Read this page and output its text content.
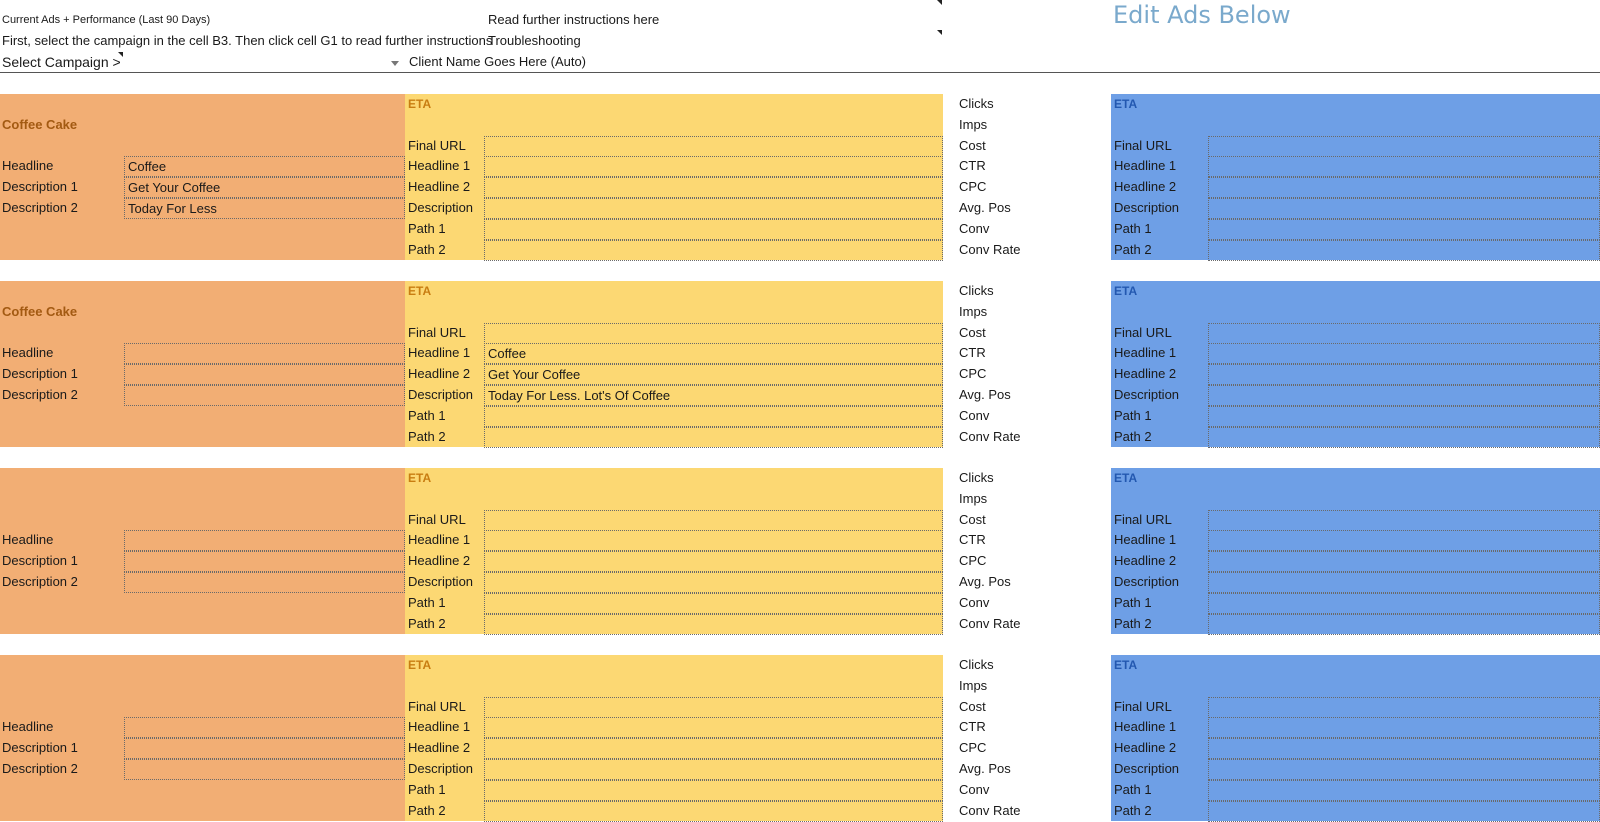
Current Ads + Performance (Last 90 Days)	Read further instructions here
First, select the campaign in the cell B3. Then click cell G1 to read further instructions
Troubleshooting
Select Campaign >	Client Name Goes Here (Auto)
Edit Ads Below
Coffee Cake
Headline	Coffee
Description 1	Get Your Coffee
Description 2	Today For Less
ETA
Final URL
Headline 1
Headline 2
Description
Path 1
Path 2
Clicks
Imps
Cost
CTR
CPC
Avg. Pos
Conv
Conv Rate
ETA
Final URL
Headline 1
Headline 2
Description
Path 1
Path 2
Coffee Cake
Headline
Description 1
Description 2
ETA
Final URL
Headline 1	Coffee
Headline 2	Get Your Coffee
Description	Today For Less. Lot's Of Coffee
Path 1
Path 2
Clicks
Imps
Cost
CTR
CPC
Avg. Pos
Conv
Conv Rate
ETA
Final URL
Headline 1
Headline 2
Description
Path 1
Path 2
Headline
Description 1
Description 2
ETA
Final URL
Headline 1
Headline 2
Description
Path 1
Path 2
Clicks
Imps
Cost
CTR
CPC
Avg. Pos
Conv
Conv Rate
ETA
Final URL
Headline 1
Headline 2
Description
Path 1
Path 2
Headline
Description 1
Description 2
ETA
Final URL
Headline 1
Headline 2
Description
Path 1
Path 2
Clicks
Imps
Cost
CTR
CPC
Avg. Pos
Conv
Conv Rate
ETA
Final URL
Headline 1
Headline 2
Description
Path 1
Path 2
